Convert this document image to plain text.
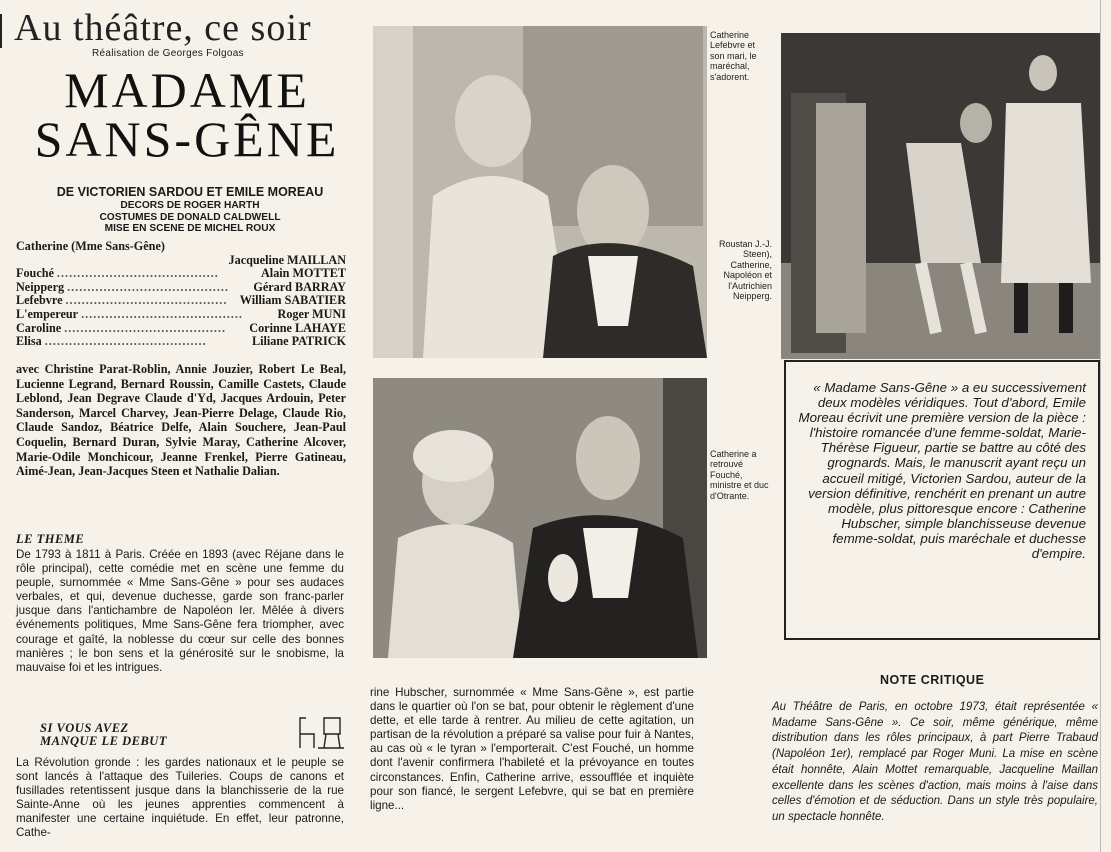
Au théâtre, ce soir
Réalisation de Georges Folgoas
MADAME
SANS-GÊNE
DE VICTORIEN SARDOU ET EMILE MOREAU
DECORS DE ROGER HARTH
COSTUMES DE DONALD CALDWELL
MISE EN SCENE DE MICHEL ROUX
Catherine (Mme Sans-Gêne)
Jacqueline MAILLAN
Fouché ........................................	Alain MOTTET
Neipperg ........................................	Gérard BARRAY
Lefebvre ........................................	William SABATIER
L'empereur ........................................	Roger MUNI
Caroline ........................................	Corinne LAHAYE
Elisa ........................................	Liliane PATRICK
avec Christine Parat-Roblin, Annie Jouzier, Robert Le Beal, Lucienne Legrand, Bernard Roussin, Camille Castets, Claude Leblond, Jean Degrave Claude d'Yd, Jacques Ardouin, Peter Sanderson, Marcel Charvey, Jean-Pierre Delage, Claude Rio, Claude Sandoz, Béatrice Delfe, Alain Souchere, Jean-Paul Coquelin, Bernard Duran, Sylvie Maray, Catherine Alcover, Marie-Odile Monchicour, Jeanne Frenkel, Pierre Gatineau, Aimé-Jean, Jean-Jacques Steen et Nathalie Dalian.
LE THEME
De 1793 à 1811 à Paris. Créée en 1893 (avec Réjane dans le rôle principal), cette comédie met en scène une femme du peuple, surnommée « Mme Sans-Gêne » pour ses audaces verbales, et qui, devenue duchesse, garde son franc-parler jusque dans l'antichambre de Napoléon Ier. Mêlée à divers événements politiques, Mme Sans-Gêne fera triompher, avec courage et gaîté, la noblesse du cœur sur celle des bonnes manières ; le bon sens et la générosité sur le snobisme, la mauvaise foi et les intrigues.
SI VOUS AVEZ
MANQUE LE DEBUT
La Révolution gronde : les gardes nationaux et le peuple se sont lancés à l'attaque des Tuileries. Coups de canons et fusillades retentissent jusque dans la blanchisserie de la rue Sainte-Anne où les jeunes apprenties commencent à manifester une certaine inquiétude. En effet, leur patronne, Cathe-
Catherine Lefebvre et son mari, le maréchal, s'adorent.
Roustan J.-J. Steen), Catherine, Napoléon et l'Autrichien Neipperg.
Catherine a retrouvé Fouché, ministre et duc d'Otrante.
rine Hubscher, surnommée « Mme Sans-Gêne », est partie dans le quartier où l'on se bat, pour obtenir le règlement d'une dette, et elle tarde à rentrer. Au milieu de cette agitation, un partisan de la révolution a préparé sa valise pour fuir à Nantes, au cas où « le tyran » l'emporterait. C'est Fouché, un homme dont l'avenir confirmera l'habileté et la prévoyance en toutes circonstances. Enfin, Catherine arrive, essoufflée et inquiète pour son fiancé, le sergent Lefebvre, qui se bat en première ligne...
« Madame Sans-Gêne » a eu successivement deux modèles véridiques. Tout d'abord, Emile Moreau écrivit une première version de la pièce : l'histoire romancée d'une femme-soldat, Marie-Thérèse Figueur, partie se battre au côté des grognards. Mais, le manuscrit ayant reçu un accueil mitigé, Victorien Sardou, auteur de la version définitive, renchérit en prenant un autre modèle, plus pittoresque encore : Catherine Hubscher, simple blanchisseuse devenue femme-soldat, puis maréchale et duchesse d'empire.
NOTE CRITIQUE
Au Théâtre de Paris, en octobre 1973, était représentée « Madame Sans-Gêne ». Ce soir, même générique, même distribution dans les rôles principaux, à part Pierre Trabaud (Napoléon 1er), remplacé par Roger Muni. La mise en scène était honnête, Alain Mottet remarquable, Jacqueline Maillan excellente dans les scènes d'action, mais moins à l'aise dans celles d'émotion et de séduction. Dans un style très populaire, un spectacle honnête.
